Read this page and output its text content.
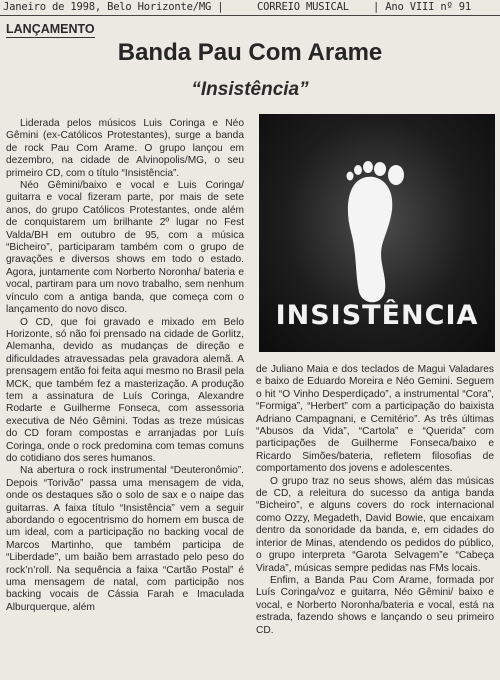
Janeiro de 1998, Belo Horizonte/MG |	CORREIO MUSICAL | Ano VIII nº 91
LANÇAMENTO
Banda Pau Com Arame
“Insistência”

Liderada pelos músicos Luis Coringa e Néo Gêmini (ex-Católicos Protestantes), surge a banda de rock Pau Com Arame. O grupo lançou em dezembro, na cidade de Alvinopolis/MG, o seu primeiro CD, com o título “Insistência”.

Néo Gêmini/baixo e vocal e Luis Coringa/ guitarra e vocal fizeram parte, por mais de sete anos, do grupo Católicos Protestantes, onde além de conquistarem um brilhante 2º lugar no Fest Valda/BH em outubro de 95, com a música “Bicheiro”, participaram também com o grupo de gravações e diversos shows em todo o estado. Agora, juntamente com Norberto Noronha/ bateria e vocal, partiram para um novo trabalho, sem nenhum vínculo com a antiga banda, que começa com o lançamento do novo disco.

O CD, que foi gravado e mixado em Belo Horizonte, só não foi prensado na cidade de Gorlitz, Alemanha, devido as mudanças de direção e dificuldades atravessadas pela gravadora alemã. A prensagem então foi feita aqui mesmo no Brasil pela MCK, que também fez a masterização. A produção tem a assinatura de Luís Coringa, Alexandre Rodarte e Guilherme Fonseca, com assessoria executiva de Néo Gêmini. Todas as treze músicas do CD foram compostas e arranjadas por Luís Coringa, onde o rock predomina com temas comuns do cotidiano dos seres humanos.

Na abertura o rock instrumental “Deuteronômio”. Depois “Torivão” passa uma mensagem de vida, onde os destaques são o solo de sax e o naipe das guitarras. A faixa título “Insistência” vem a seguir abordando o egocentrismo do homem em busca de um ideal, com a participação no backing vocal de Marcos Martinho, que também participa de “Liberdade”, um baião bem arrastado pelo peso do rock’n’roll. Na sequência a faixa “Cartão Postal” é uma mensagem de natal, com participão nos backing vocais de Cássia Farah e Imaculada Alburquerque, além

INSISTÊNCIA

de Juliano Maia e dos teclados de Magui Valadares e baixo de Eduardo Moreira e Néo Gemini. Seguem o hit “O Vinho Desperdiçado”, a instrumental “Cora”, “Formiga”, “Herbert” com a participação do baixista Adriano Campagnani, e Cemitério”. As três últimas “Abusos da Vida”, “Cartola” e “Querida” com participações de Guilherme Fonseca/baixo e Ricardo Simões/bateria, refletem filosofias de comportamento dos jovens e adolescentes.

O grupo traz no seus shows, além das músicas de CD, a releitura do sucesso da antiga banda “Bicheiro”, e alguns covers do rock internacional como Ozzy, Megadeth, David Bowie, que encaixam dentro da sonoridade da banda, e, em cidades do interior de Minas, atendendo os pedidos do público, o grupo interpreta “Garota Selvagem”e “Cabeça Virada”, músicas sempre pedidas nas FMs locais.

Enfim, a Banda Pau Com Arame, formada por Luís Coringa/voz e guitarra, Néo Gêmini/ baixo e vocal, e Norberto Noronha/bateria e vocal, está na estrada, fazendo shows e lançando o seu primeiro CD.
